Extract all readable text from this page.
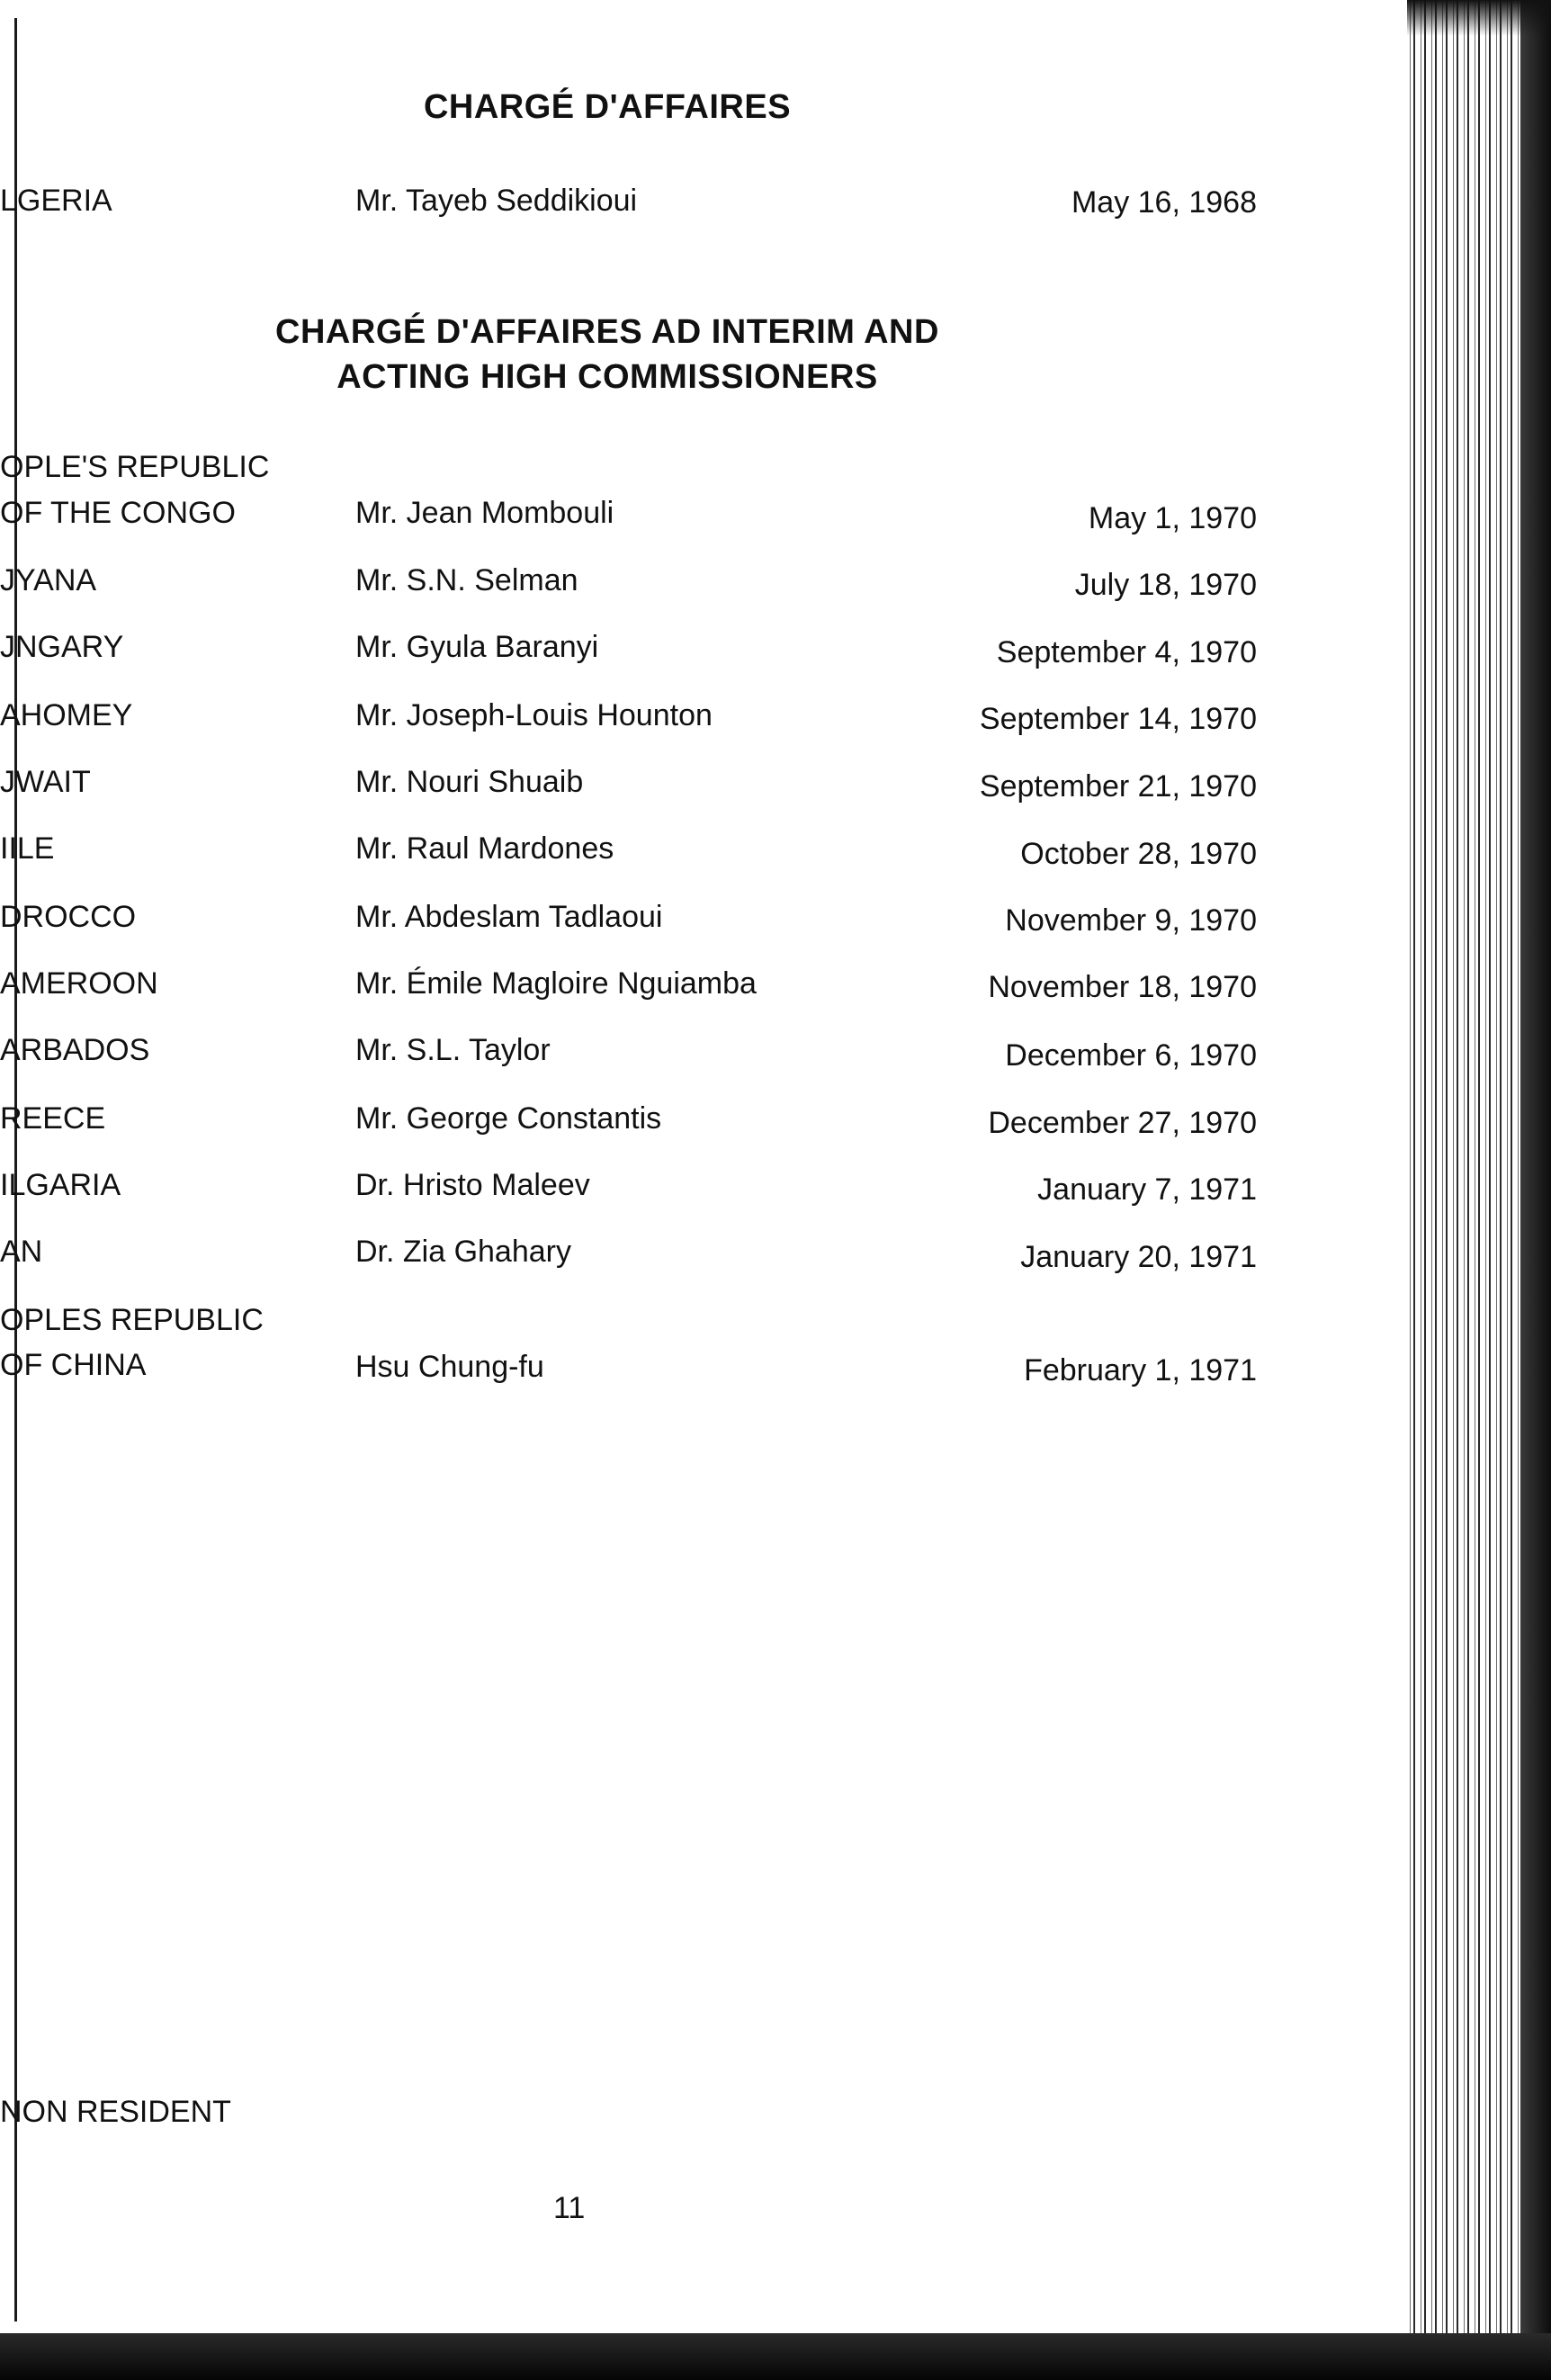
CHARGÉ D'AFFAIRES
LGERIA	Mr. Tayeb Seddikioui	May 16, 1968
CHARGÉ D'AFFAIRES AD INTERIM AND
ACTING HIGH COMMISSIONERS
OPLE'S REPUBLIC
OF THE CONGO	Mr. Jean Mombouli	May 1, 1970
JYANA	Mr. S.N. Selman	July 18, 1970
JNGARY	Mr. Gyula Baranyi	September 4, 1970
AHOMEY	Mr. Joseph-Louis Hounton	September 14, 1970
JWAIT	Mr. Nouri Shuaib	September 21, 1970
IILE	Mr. Raul Mardones	October 28, 1970
DROCCO	Mr. Abdeslam Tadlaoui	November 9, 1970
AMEROON	Mr. Émile Magloire Nguiamba	November 18, 1970
ARBADOS	Mr. S.L. Taylor	December 6, 1970
REECE	Mr. George Constantis	December 27, 1970
ILGARIA	Dr. Hristo Maleev	January 7, 1971
AN	Dr. Zia Ghahary	January 20, 1971
OPLES REPUBLIC
OF CHINA	Hsu Chung-fu	February 1, 1971
NON RESIDENT
11
